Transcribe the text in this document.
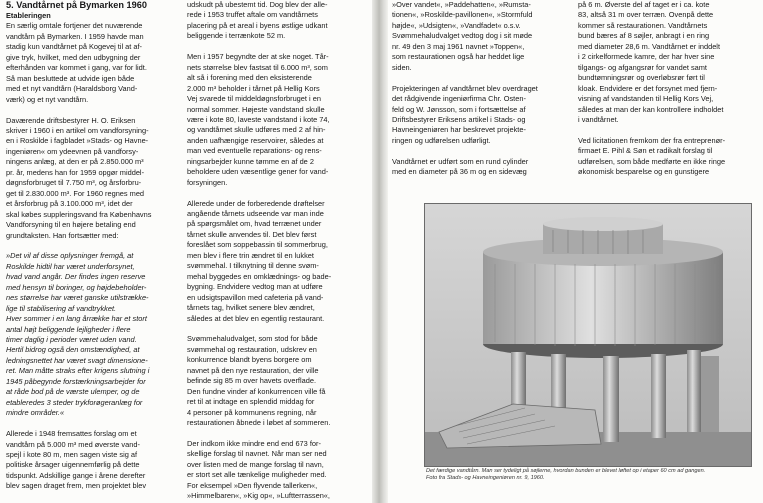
5. Vandtårnet på Bymarken 1960
Etableringen

En særlig omtale fortjener det nuværende
vandtårn på Bymarken. I 1959 havde man
stadig kun vandtårnet på Kogevej til at af-
give tryk, hvilket, med den udbygning der
efterhånden var kommet i gang, var for lidt.
Så man besluttede at udvide igen både
med et nyt vandtårn (Haraldsborg Vand-
værk) og et nyt vandtårn.

Daværende driftsbestyrer H. O. Eriksen
skriver i 1960 i en artikel om vandforsyning-
en i Roskilde i fagbladet »Stads- og Havne-
ingeniøren« om ydeevnen på vandforsy-
ningens anlæg, at den er på 2.850.000 m³
pr. år, medens han for 1959 opgør middel-
døgnsforbruget til 7.750 m³, og årsforbru-
get til 2.830.000 m³. For 1960 regnes med
et årsforbrug på 3.100.000 m³, idet der
skal købes suppleringsvand fra Københavns
Vandforsyning til en højere betaling end
grundtaksten. Han fortsætter med:

»Det vil af disse oplysninger fremgå, at
Roskilde hidtil har været underforsynet,
hvad vand angår. Der findes ingen reserve
med hensyn til boringer, og højdebeholder-
nes størrelse har været ganske utilstrække-
lige til stabilisering af vandtrykket.
Hver sommer i en lang årrække har et stort
antal højt beliggende lejligheder i flere
timer daglig i perioder været uden vand.
Hertil bidrog også den omstændighed, at
ledningsnettet har været svagt dimensione-
ret. Man måtte straks efter krigens slutning i
1945 påbegynde forstærkningsarbejder for
at råde bod på de værste ulemper, og de
etableredes 3 steder trykforøgeranlæg for
mindre områder.«

Allerede i 1948 fremsattes forslag om et
vandtårn på 5.000 m³ med øverste vand-
spejl i kote 80 m, men sagen viste sig af
politiske årsager uigennemførlig på dette
tidspunkt. Adskillige gange i årene derefter
blev sagen draget frem, men projektet blev

udskudt på ubestemt tid. Dog blev der alle-
rede i 1953 truffet aftale om vandtårnets
placering på et areal i byens østlige udkant
beliggende i terrænkote 52 m.

Men i 1957 begyndte der at ske noget. Tår-
nets størrelse blev fastsat til 6.000 m³, som
alt så i forening med den eksisterende
2.000 m³ beholder i tårnet på Hellig Kors
Vej svarede til middeldøgnsforbruget i en
normal sommer. Højeste vandstand skulle
være i kote 80, laveste vandstand i kote 74,
og vandtårnet skulle udføres med 2 af hin-
anden uafhængige reservoirer, således at
man ved eventuelle reparations- og rens-
ningsarbejder kunne tømme en af de 2
beholdere uden væsentlige gener for vand-
forsyningen.

Allerede under de forberedende drøftelser
angående tårnets udseende var man inde
på spørgsmålet om, hvad terrænet under
tårnet skulle anvendes til. Det blev først
foreslået som soppebassin til sommerbrug,
men blev i flere trin ændret til en lukket
svømmehal. I tilknytning til denne svøm-
mehal byggedes en omklædnings- og bade-
bygning. Endvidere vedtog man at udføre
en udsigtspavillon med cafeteria på vand-
tårnets tag, hvilket senere blev ændret,
således at det blev en egentlig restaurant.

Svømmehaludvalget, som stod for både
svømmehal og restauration, udskrev en
konkurrence blandt byens borgere om
navnet på den nye restauration, der ville
befinde sig 85 m over havets overflade.
Den fundne vinder af konkurrencen ville få
ret til at indtage en splendid middag for
4 personer på kommunens regning, når
restaurationen åbnede i løbet af sommeren.

Der indkom ikke mindre end end 673 for-
skellige forslag til navnet. Når man ser ned
over listen med de mange forslag til navn,
er stort set alle tænkelige muligheder med.
For eksempel »Den flyvende tallerken«,
»Himmelbaren«, »Kig op«, »Luftterrassen«,

»Over vandet«, »Paddehatten«, »Rumsta-
tionen«, »Roskilde-pavillonen«, »Stormfuld
højde«, »Udsigten«, »Vandfadet« o.s.v.
Svømmehaludvalget vedtog dog i sit møde
nr. 49 den 3 maj 1961 navnet »Toppen«,
som restaurationen også har heddet lige
siden.

Projekteringen af vandtårnet blev overdraget
det rådgivende ingeniørfirma Chr. Osten-
feld og W. Jønsson, som i fortsættelse af
Driftsbestyrer Eriksens artikel i Stads- og
Havneingeniøren har beskrevet projekte-
ringen og udførelsen udførligt.

Vandtårnet er udført som en rund cylinder
med en diameter på 36 m og en sidevæg

på 6 m. Øverste del af taget er i ca. kote
83, altså 31 m over terræn. Ovenpå dette
kommer så restaurationen. Vandtårnets
bund bæres af 8 søjler, anbragt i en ring
med diameter 28,6 m. Vandtårnet er inddelt
i 2 cirkelformede kamre, der har hver sine
tilgangs- og afgangsrør for vandet samt
bundtømningsrør og overløbsrør ført til
kloak. Endvidere er det forsynet med fjern-
visning af vandstanden til Hellig Kors Vej,
således at man der kan kontrollere indholdet
i vandtårnet.

Ved licitationen fremkom der fra entreprenør-
firmaet E. Pihl & Søn et radikalt forslag til
udførelsen, som både medførte en ikke ringe
økonomisk besparelse og en gunstigere

Det færdige vandtårn. Man ser tydeligt på søjlerne, hvordan bunden er blevet løftet op i etaper 60 cm ad gangen.
Foto fra Stads- og Havneingeniøren nr. 9, 1960.
